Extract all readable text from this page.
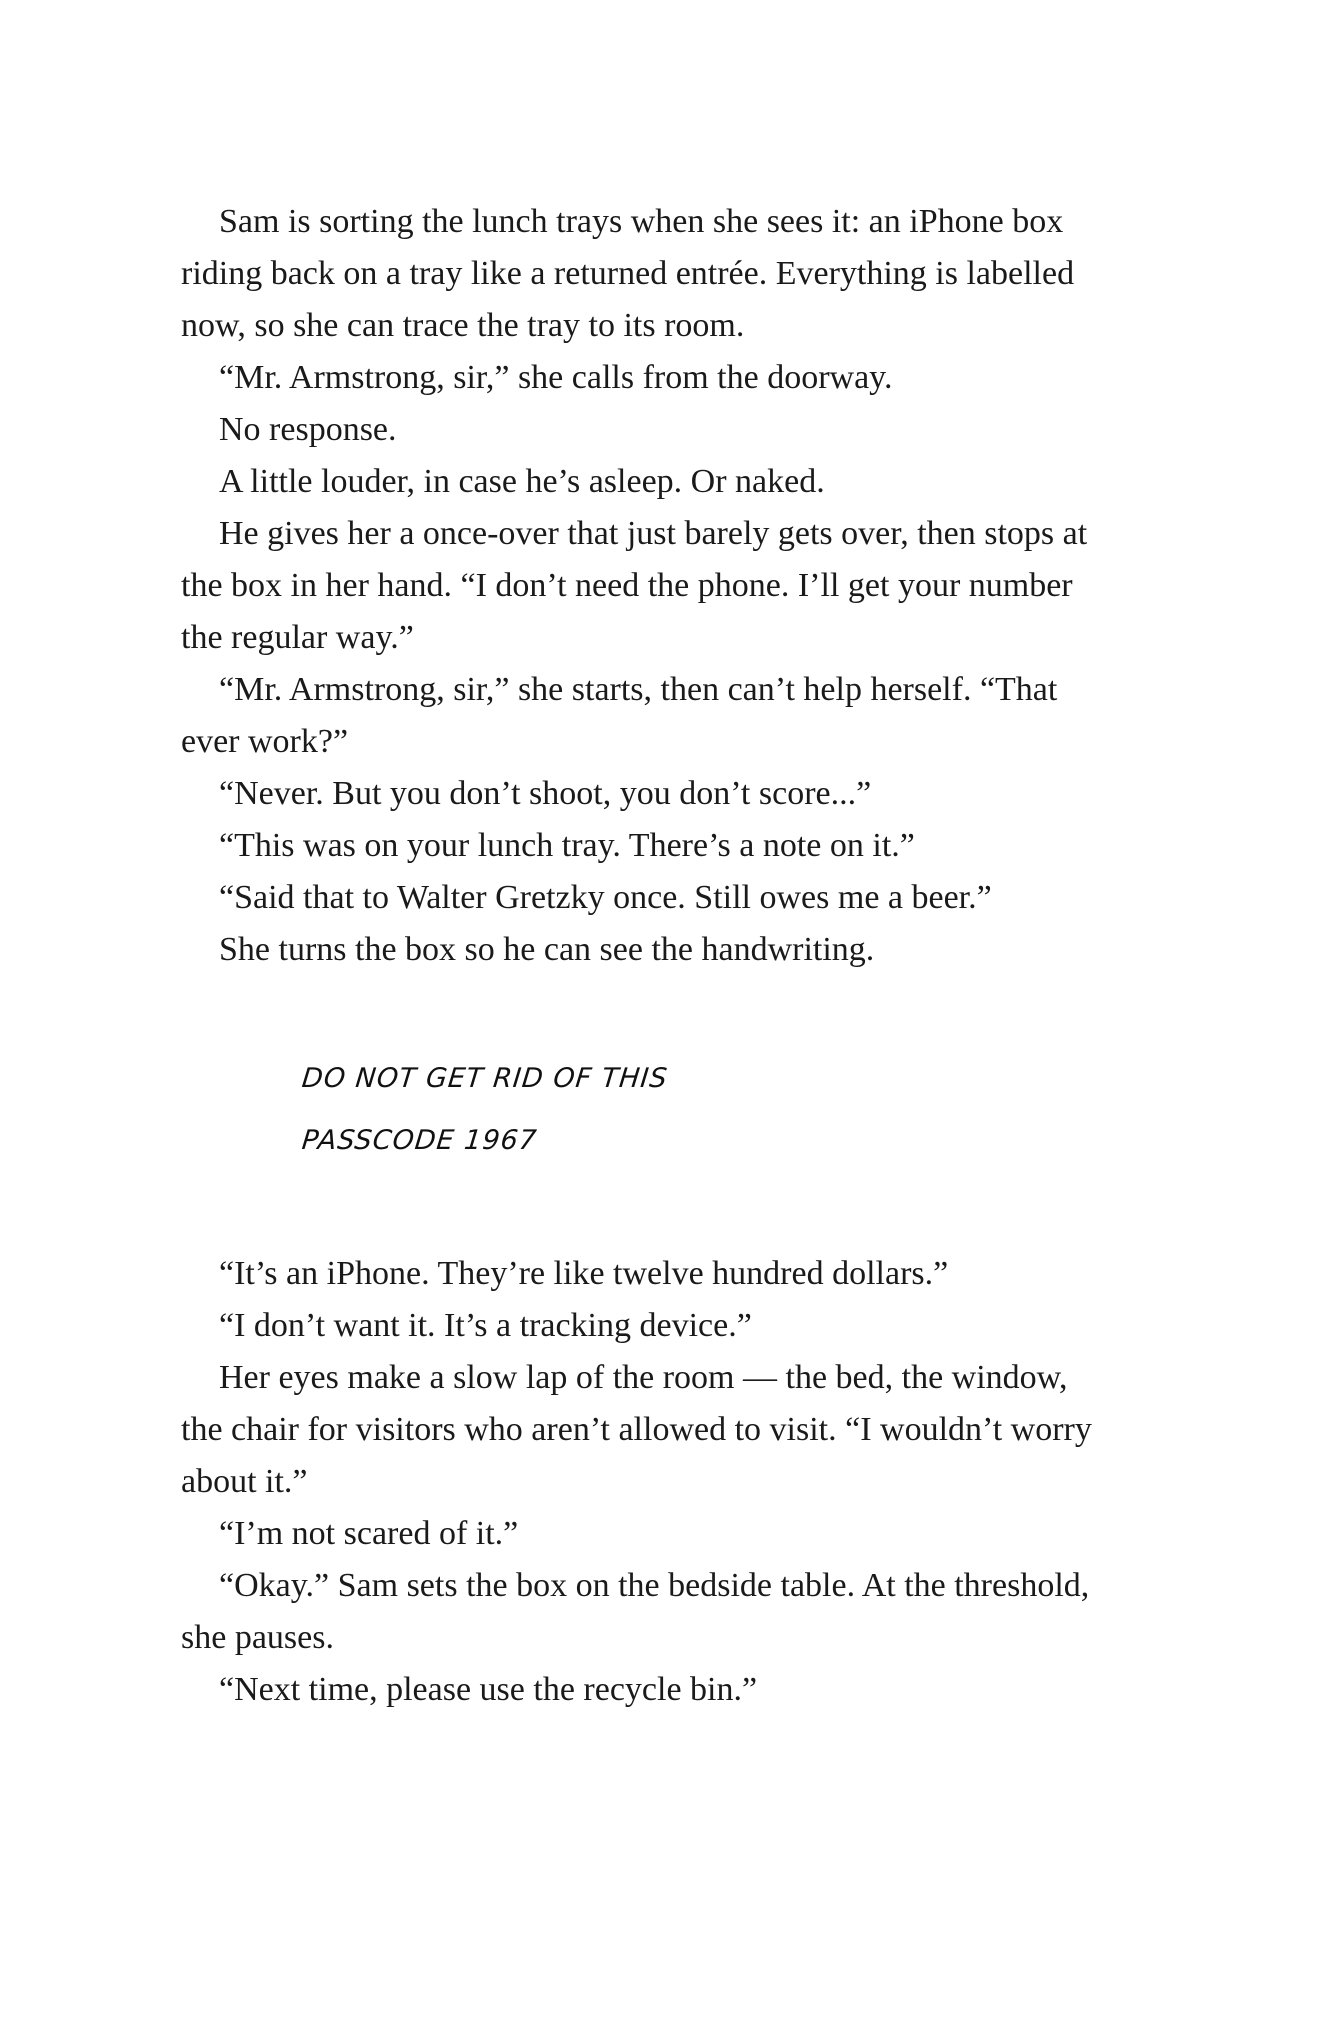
Sam is sorting the lunch trays when she sees it: an iPhone box riding back on a tray like a returned entrée. Everything is labelled now, so she can trace the tray to its room.

“Mr. Armstrong, sir,” she calls from the doorway.

No response.

A little louder, in case he’s asleep. Or naked.

He gives her a once-over that just barely gets over, then stops at the box in her hand. “I don’t need the phone. I’ll get your number the regular way.”

“Mr. Armstrong, sir,” she starts, then can’t help herself. “That ever work?”

“Never. But you don’t shoot, you don’t score...”

“This was on your lunch tray. There’s a note on it.”

“Said that to Walter Gretzky once. Still owes me a beer.”

She turns the box so he can see the handwriting.

DO NOT GET RID OF THIS
PASSCODE 1967

“It’s an iPhone. They’re like twelve hundred dollars.”

“I don’t want it. It’s a tracking device.”

Her eyes make a slow lap of the room — the bed, the window, the chair for visitors who aren’t allowed to visit. “I wouldn’t worry about it.”

“I’m not scared of it.”

“Okay.” Sam sets the box on the bedside table. At the threshold, she pauses.

“Next time, please use the recycle bin.”
